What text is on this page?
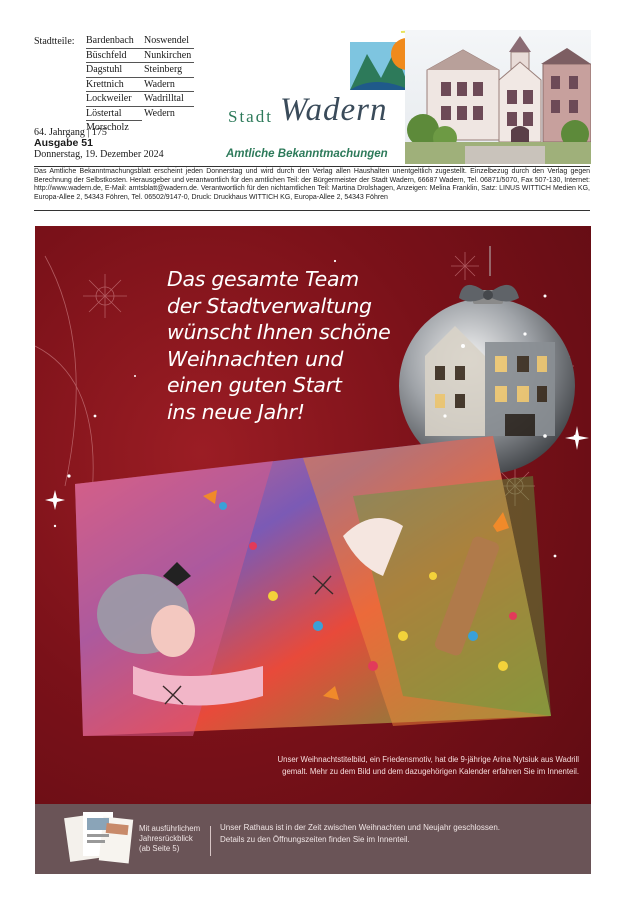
Bardenbach
Büschfeld
Dagstuhl
Krettnich
Lockweiler
Löstertal
Morscholz
Stadtteile:	Noswendel
Nunkirchen
Steinberg
Wadern
Wadrilltal
Wedern
64. Jahrgang | 175
Ausgabe 51
Donnerstag, 19. Dezember 2024
Stadt Wadern
Amtliche Bekanntmachungen
Das Amtliche Bekanntmachungsblatt erscheint jeden Donnerstag und wird durch den Verlag allen Haushalten unentgeltlich zugestellt. Einzelbezug durch den Verlag gegen Berechnung der Selbstkosten. Herausgeber und verantwortlich für den amtlichen Teil: der Bürgermeister der Stadt Wadern, 66687 Wadern, Tel. 06871/5070, Fax 507-130, Internet: http://www.wadern.de, E-Mail: amtsblatt@wadern.de. Verantwortlich für den nichtamtlichen Teil: Martina Drolshagen, Anzeigen: Melina Franklin, Satz: LINUS WITTICH Medien KG, Europa-Allee 2, 54343 Föhren, Tel. 06502/9147-0, Druck: Druckhaus WITTICH KG, Europa-Allee 2, 54343 Föhren
Das gesamte Team
der Stadtverwaltung
wünscht Ihnen schöne
Weihnachten und
einen guten Start
ins neue Jahr!
Unser Weihnachtstitelbild, ein Friedensmotiv, hat die 9-jährige Arina Nytsiuk aus Wadrill
gemalt. Mehr zu dem Bild und dem dazugehörigen Kalender erfahren Sie im Innenteil.
Mit ausführlichem
Jahresrückblick
(ab Seite 5)
Unser Rathaus ist in der Zeit zwischen Weihnachten und Neujahr geschlossen.
Details zu den Öffnungszeiten finden Sie im Innenteil.
